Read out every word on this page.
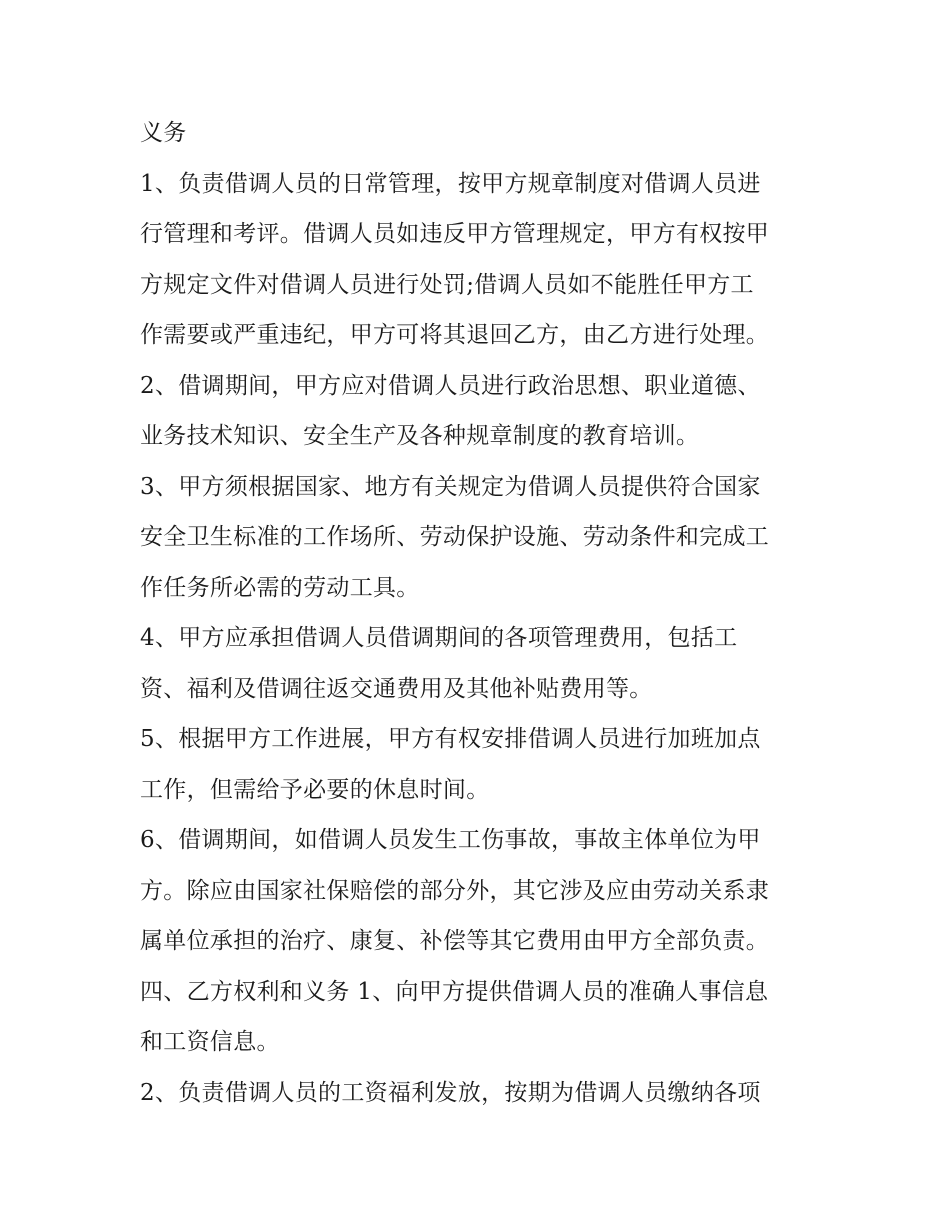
义务
1、负责借调人员的日常管理，按甲方规章制度对借调人员进
行管理和考评。借调人员如违反甲方管理规定，甲方有权按甲
方规定文件对借调人员进行处罚;借调人员如不能胜任甲方工
作需要或严重违纪，甲方可将其退回乙方，由乙方进行处理。
2、借调期间，甲方应对借调人员进行政治思想、职业道德、
业务技术知识、安全生产及各种规章制度的教育培训。
3、甲方须根据国家、地方有关规定为借调人员提供符合国家
安全卫生标准的工作场所、劳动保护设施、劳动条件和完成工
作任务所必需的劳动工具。
4、甲方应承担借调人员借调期间的各项管理费用，包括工
资、福利及借调往返交通费用及其他补贴费用等。
5、根据甲方工作进展，甲方有权安排借调人员进行加班加点
工作，但需给予必要的休息时间。
6、借调期间，如借调人员发生工伤事故，事故主体单位为甲
方。除应由国家社保赔偿的部分外，其它涉及应由劳动关系隶
属单位承担的治疗、康复、补偿等其它费用由甲方全部负责。
四、乙方权利和义务 1、向甲方提供借调人员的准确人事信息
和工资信息。
2、负责借调人员的工资福利发放，按期为借调人员缴纳各项
